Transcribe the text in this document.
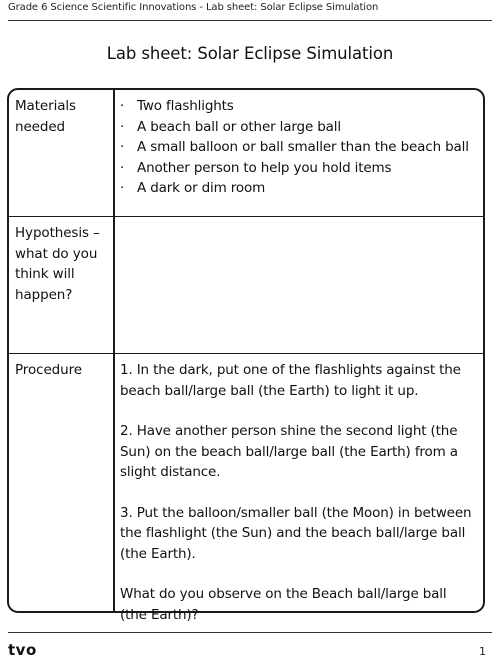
Grade 6 Science Scientific Innovations - Lab sheet: Solar Eclipse Simulation
Lab sheet: Solar Eclipse Simulation
Materials needed
· Two flashlights
· A beach ball or other large ball
· A small balloon or ball smaller than the beach ball
· Another person to help you hold items
· A dark or dim room
Hypothesis – what do you think will happen?
Procedure	1. In the dark, put one of the flashlights against the beach ball/large ball (the Earth) to light it up.

2. Have another person shine the second light (the Sun) on the beach ball/large ball (the Earth) from a slight distance.

3. Put the balloon/smaller ball (the Moon) in between the flashlight (the Sun) and the beach ball/large ball (the Earth).

What do you observe on the Beach ball/large ball (the Earth)?

tvo	1
